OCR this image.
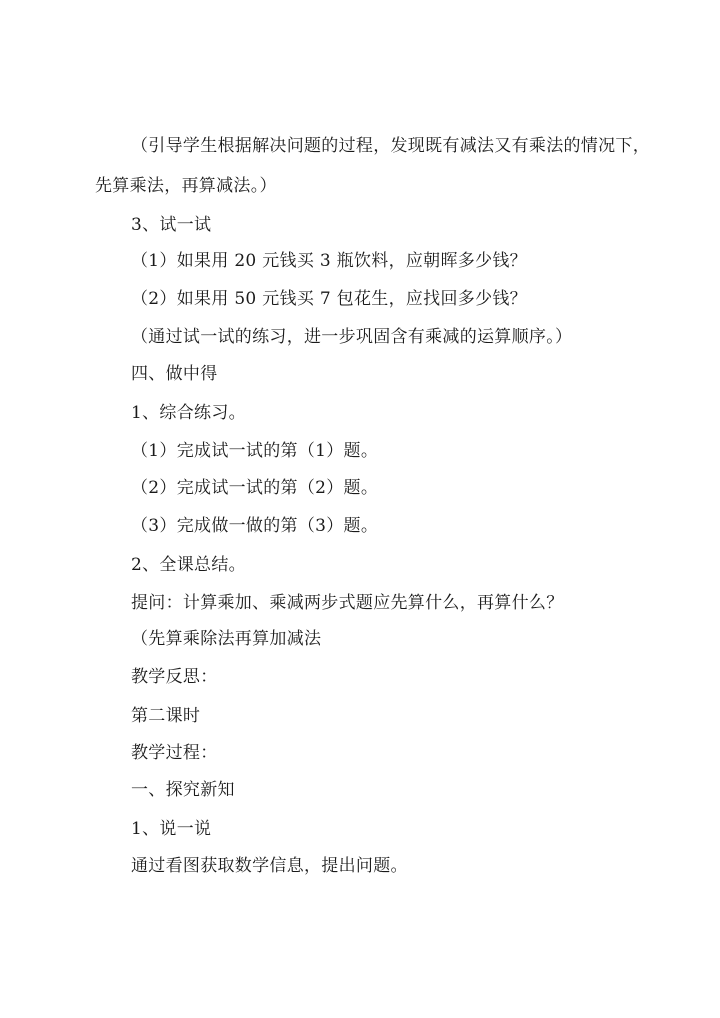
（引导学生根据解决问题的过程，发现既有减法又有乘法的情况下，
先算乘法，再算减法。）
3、试一试
（1）如果用 20 元钱买 3 瓶饮料，应朝晖多少钱？
（2）如果用 50 元钱买 7 包花生，应找回多少钱？
（通过试一试的练习，进一步巩固含有乘减的运算顺序。）
四、做中得
1、综合练习。
（1）完成试一试的第（1）题。
（2）完成试一试的第（2）题。
（3）完成做一做的第（3）题。
2、全课总结。
提问：计算乘加、乘减两步式题应先算什么，再算什么？
（先算乘除法再算加减法
教学反思：
第二课时
教学过程：
一、探究新知
1、说一说
通过看图获取数学信息，提出问题。
